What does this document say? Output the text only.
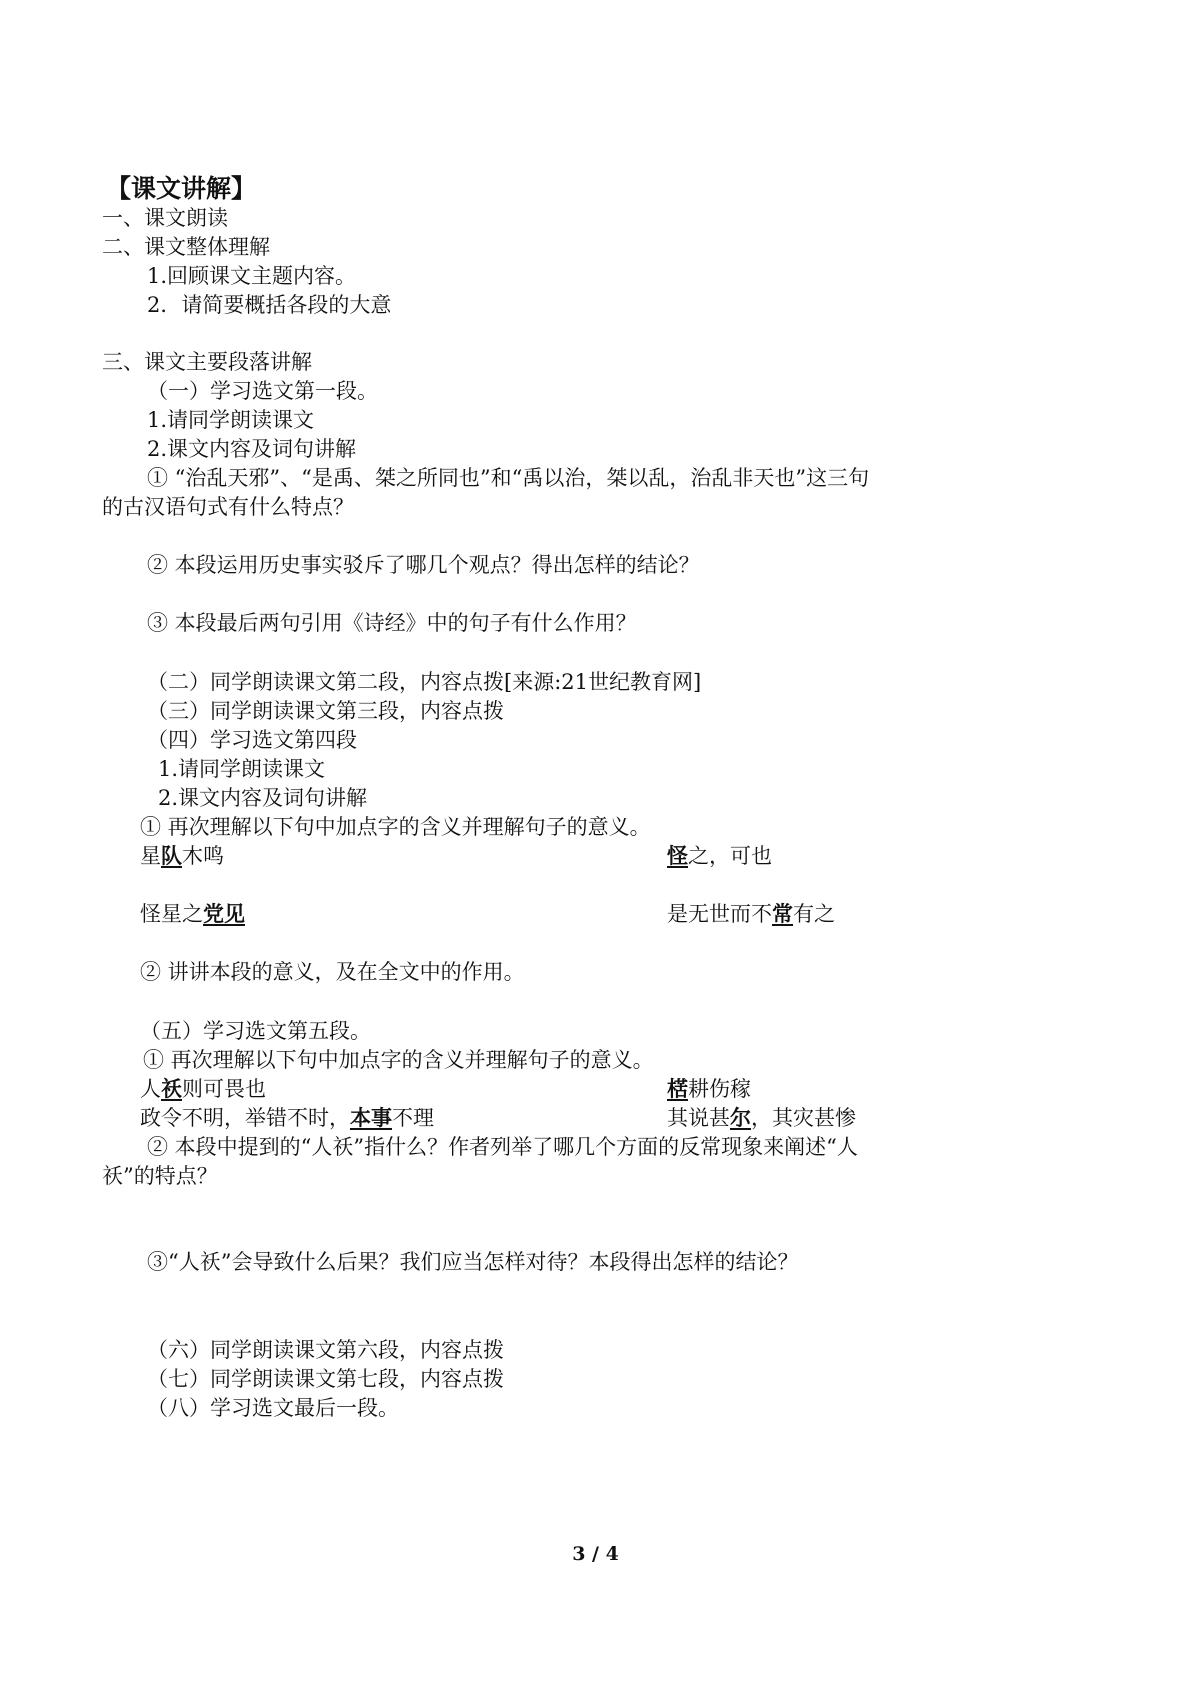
【课文讲解】
一、课文朗读
二、课文整体理解
1.回顾课文主题内容。
2．请简要概括各段的大意
三、课文主要段落讲解
（一）学习选文第一段。
1.请同学朗读课文
2.课文内容及词句讲解
① “治乱天邪”、“是禹、桀之所同也”和“禹以治，桀以乱，治乱非天也”这三句
的古汉语句式有什么特点？
② 本段运用历史事实驳斥了哪几个观点？得出怎样的结论？
③ 本段最后两句引用《诗经》中的句子有什么作用？
（二）同学朗读课文第二段，内容点拨[来源:21世纪教育网]
（三）同学朗读课文第三段，内容点拨
（四）学习选文第四段
1.请同学朗读课文
2.课文内容及词句讲解
① 再次理解以下句中加点字的含义并理解句子的意义。
星队木鸣	怪之，可也
怪星之党见	是无世而不常有之
② 讲讲本段的意义，及在全文中的作用。
（五）学习选文第五段。
① 再次理解以下句中加点字的含义并理解句子的意义。
人祅则可畏也	楛耕伤稼
政令不明，举错不时，本事不理	其说甚尔，其灾甚惨
② 本段中提到的“人祅”指什么？作者列举了哪几个方面的反常现象来阐述“人
祅”的特点？
③“人祅”会导致什么后果？我们应当怎样对待？本段得出怎样的结论？
（六）同学朗读课文第六段，内容点拨
（七）同学朗读课文第七段，内容点拨
（八）学习选文最后一段。
3 / 4
